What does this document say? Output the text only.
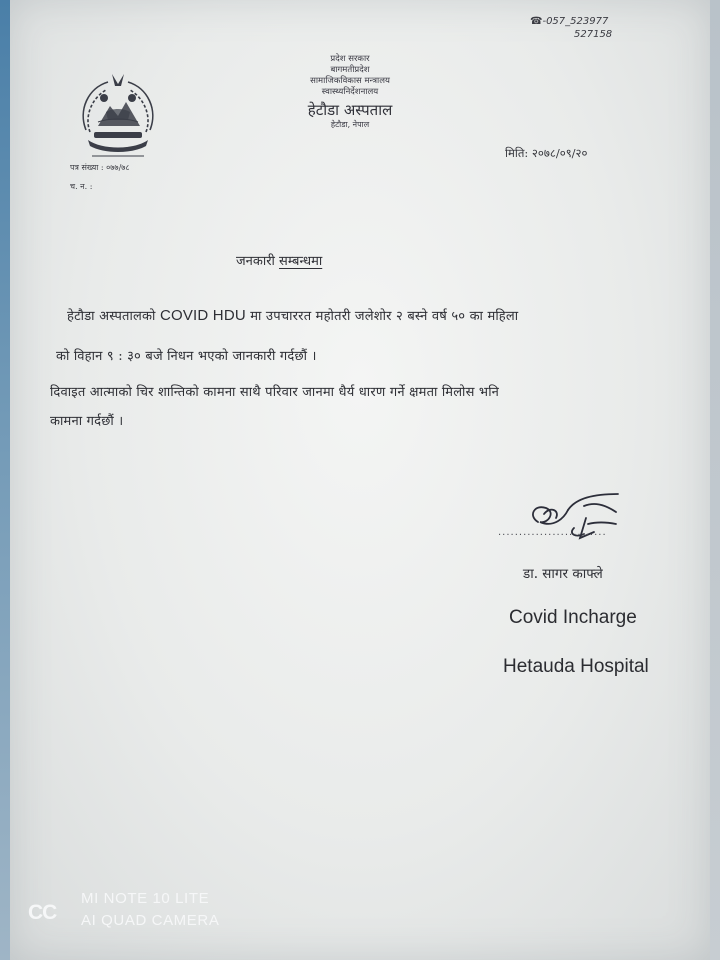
☎-057_523977
527158
प्रदेश सरकार
बागमतीप्रदेश
सामाजिकविकास मन्त्रालय
स्वास्थ्यनिर्देशनालय
हेटौडा अस्पताल
हेटौडा, नेपाल
पत्र संख्या : ०७७/७८
च. न. :
मिति: २०७८/०९/२०
जनकारी सम्बन्धमा
हेटौडा अस्पतालको COVID HDU मा उपचाररत महोतरी जलेशोर २ बस्ने वर्ष ५० का महिला
को विहान ९ : ३० बजे निधन भएको जानकारी गर्दछौं ।
दिवाइत आत्माको चिर शान्तिको कामना साथै परिवार जानमा धैर्य धारण गर्ने क्षमता मिलोस भनि
कामना गर्दछौं ।
..........................
डा. सागर काफ्ले
Covid Incharge
Hetauda Hospital
CC
MI NOTE 10 LITE
AI QUAD CAMERA
